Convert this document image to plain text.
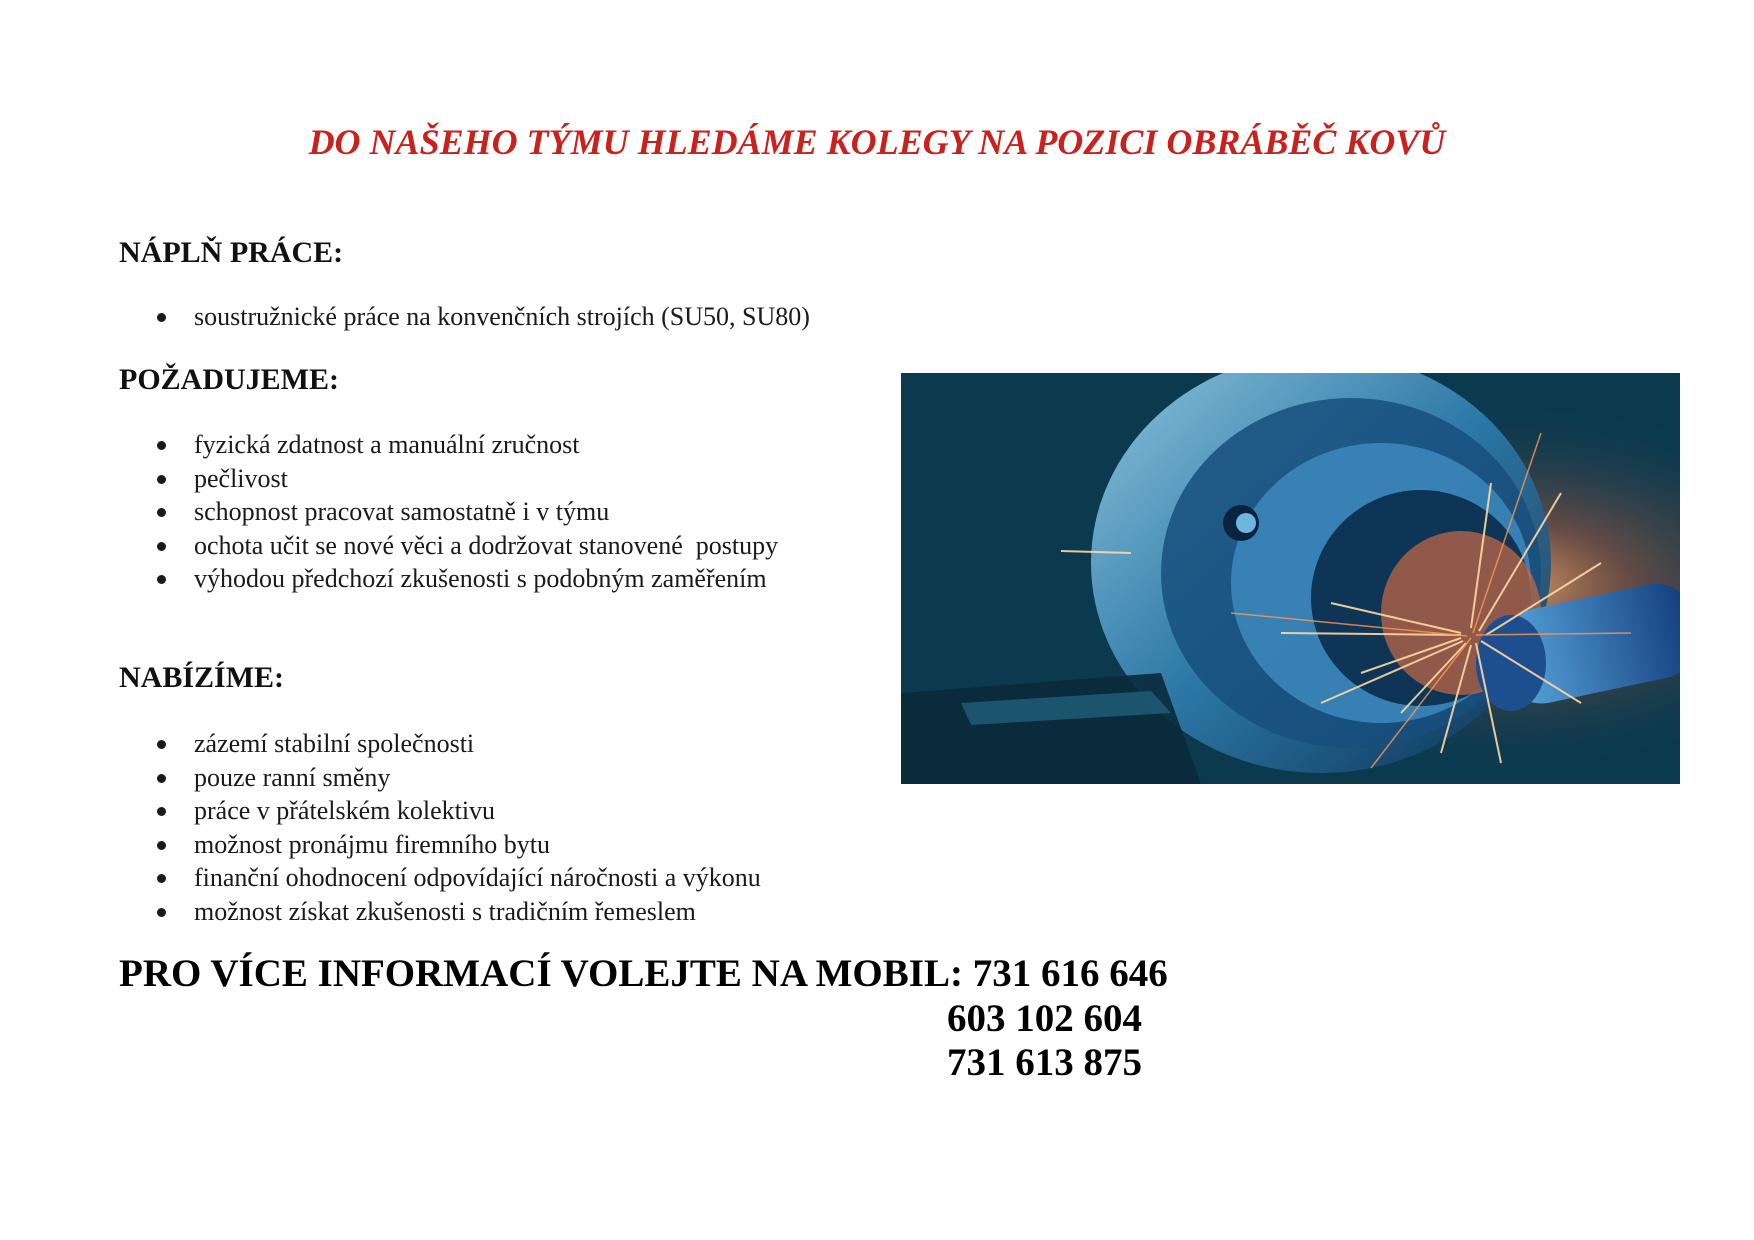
DO NAŠEHO TÝMU HLEDÁME KOLEGY NA POZICI OBRÁBĚČ KOVŮ
NÁPLŇ PRÁCE:
soustružnické práce na konvenčních strojích (SU50, SU80)
POŽADUJEME:
fyzická zdatnost a manuální zručnost
pečlivost
schopnost pracovat samostatně i v týmu
ochota učit se nové věci a dodržovat stanovené  postupy
výhodou předchozí zkušenosti s podobným zaměřením
NABÍZÍME:
zázemí stabilní společnosti
pouze ranní směny
práce v přátelském kolektivu
možnost pronájmu firemního bytu
finanční ohodnocení odpovídající náročnosti a výkonu
možnost získat zkušenosti s tradičním řemeslem

PRO VÍCE INFORMACÍ VOLEJTE NA MOBIL: 731 616 646

603 102 604
731 613 875
